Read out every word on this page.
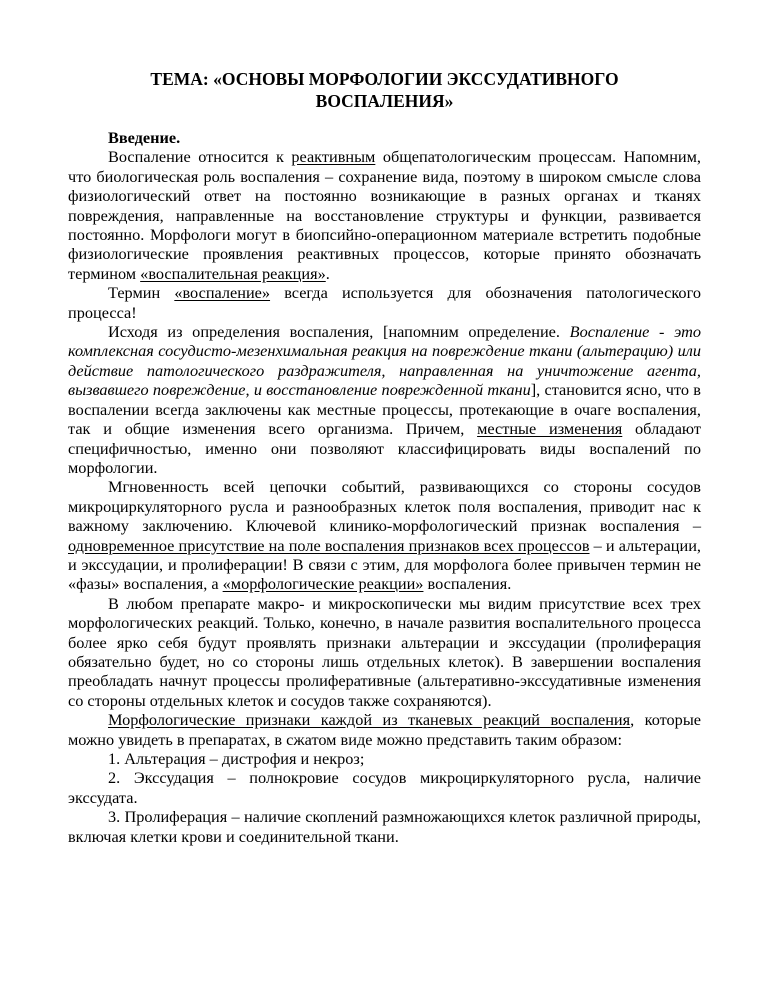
ТЕМА: «ОСНОВЫ МОРФОЛОГИИ ЭКССУДАТИВНОГО
ВОСПАЛЕНИЯ»

Введение.

Воспаление относится к реактивным общепатологическим процессам. Напомним, что биологическая роль воспаления – сохранение вида, поэтому в широком смысле слова физиологический ответ на постоянно возникающие в разных органах и тканях повреждения, направленные на восстановление структуры и функции, развивается постоянно. Морфологи могут в биопсийно-операционном материале встретить подобные физиологические проявления реактивных процессов, которые принято обозначать термином «воспалительная реакция».

Термин «воспаление» всегда используется для обозначения патологического процесса!

Исходя из определения воспаления, [напомним определение. Воспаление - это комплексная сосудисто-мезенхимальная реакция на повреждение ткани (альтерацию) или действие патологического раздражителя, направленная на уничтожение агента, вызвавшего повреждение, и восстановление поврежденной ткани], становится ясно, что в воспалении всегда заключены как местные процессы, протекающие в очаге воспаления, так и общие изменения всего организма. Причем, местные изменения обладают специфичностью, именно они позволяют классифицировать виды воспалений по морфологии.

Мгновенность всей цепочки событий, развивающихся со стороны сосудов микроциркуляторного русла и разнообразных клеток поля воспаления, приводит нас к важному заключению. Ключевой клинико-морфологический признак воспаления – одновременное присутствие на поле воспаления признаков всех процессов – и альтерации, и экссудации, и пролиферации! В связи с этим, для морфолога более привычен термин не «фазы» воспаления, а «морфологические реакции» воспаления.

В любом препарате макро- и микроскопически мы видим присутствие всех трех морфологических реакций. Только, конечно, в начале развития воспалительного процесса более ярко себя будут проявлять признаки альтерации и экссудации (пролиферация обязательно будет, но со стороны лишь отдельных клеток). В завершении воспаления преобладать начнут процессы пролиферативные (альтеративно-экссудативные изменения со стороны отдельных клеток и сосудов также сохраняются).

Морфологические признаки каждой из тканевых реакций воспаления, которые можно увидеть в препаратах, в сжатом виде можно представить таким образом:

1. Альтерация – дистрофия и некроз;

2. Экссудация – полнокровие сосудов микроциркуляторного русла, наличие экссудата.

3. Пролиферация – наличие скоплений размножающихся клеток различной природы, включая клетки крови и соединительной ткани.
